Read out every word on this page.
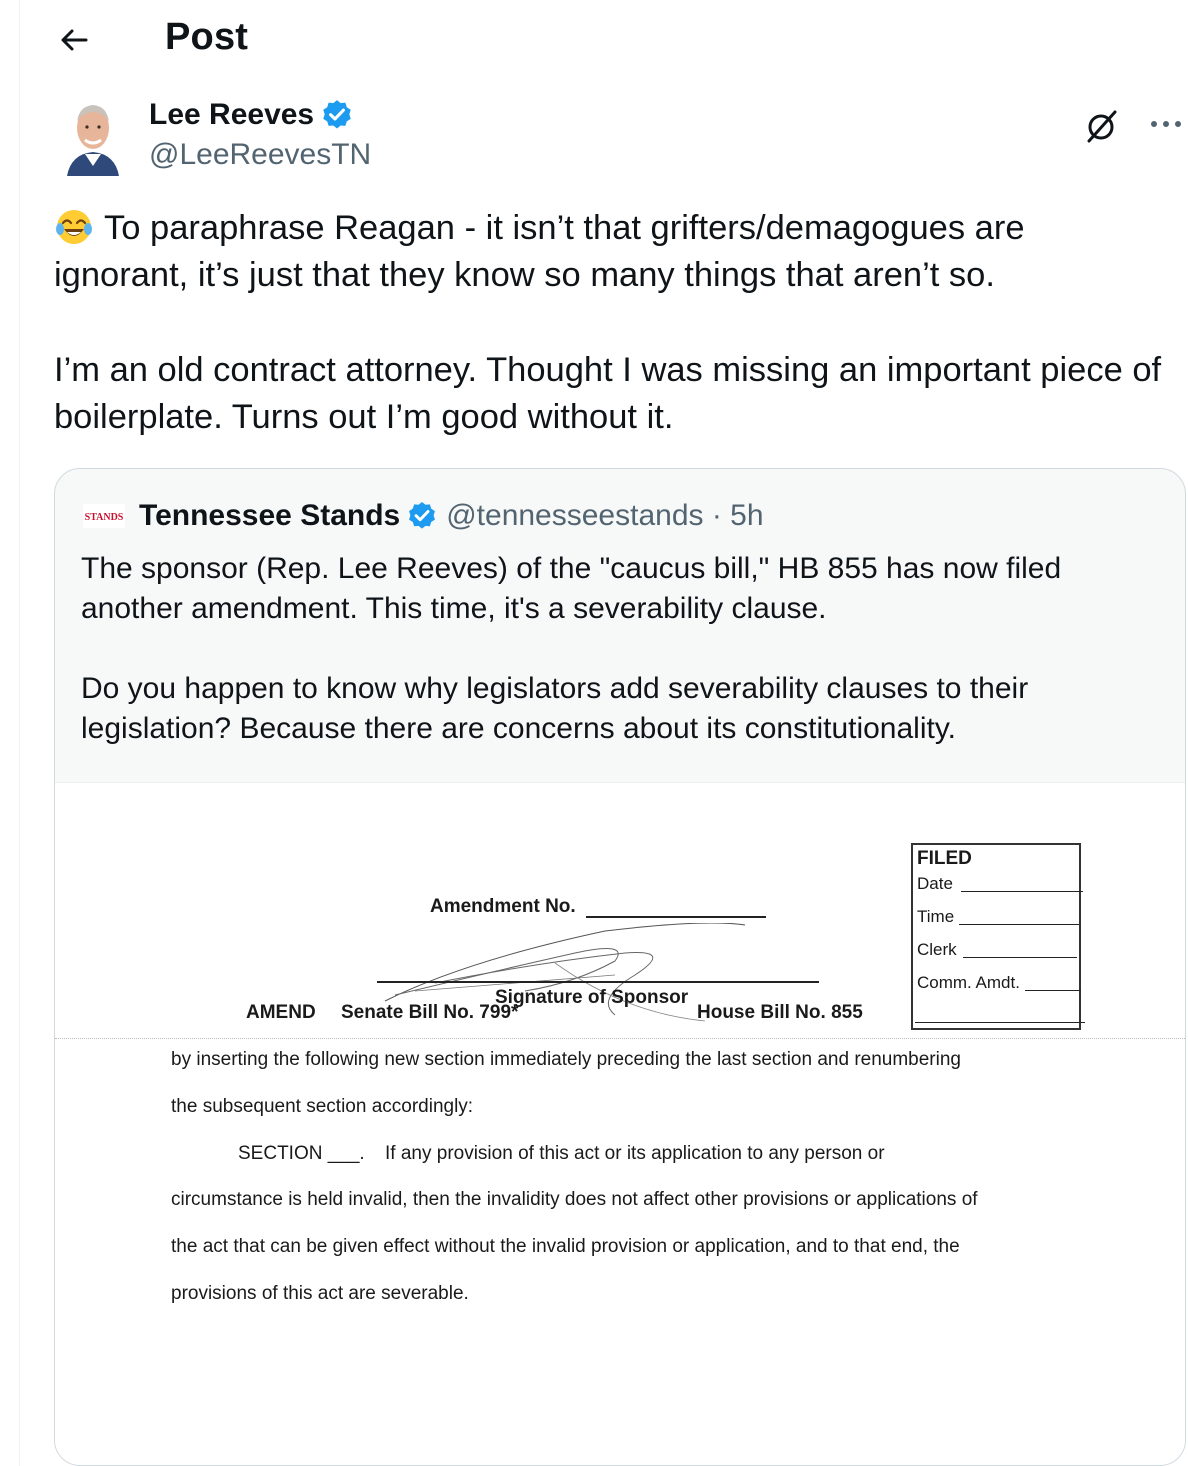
Post
Lee Reeves
@LeeReevesTN

To paraphrase Reagan - it isn’t that grifters/demagogues are ignorant, it’s just that they know so many things that aren’t so.

I’m an old contract attorney. Thought I was missing an important piece of boilerplate. Turns out I’m good without it.

STANDS Tennessee Stands @tennesseestands · 5h

The sponsor (Rep. Lee Reeves) of the "caucus bill," HB 855 has now filed another amendment. This time, it's a severability clause.

Do you happen to know why legislators add severability clauses to their legislation? Because there are concerns about its constitutionality.

Amendment No.
Signature of Sponsor
FILED
Date
Time
Clerk
Comm. Amdt.
AMEND Senate Bill No. 799*	House Bill No. 855
by inserting the following new section immediately preceding the last section and renumbering
the subsequent section accordingly:
SECTION ___. If any provision of this act or its application to any person or
circumstance is held invalid, then the invalidity does not affect other provisions or applications of
the act that can be given effect without the invalid provision or application, and to that end, the
provisions of this act are severable.
